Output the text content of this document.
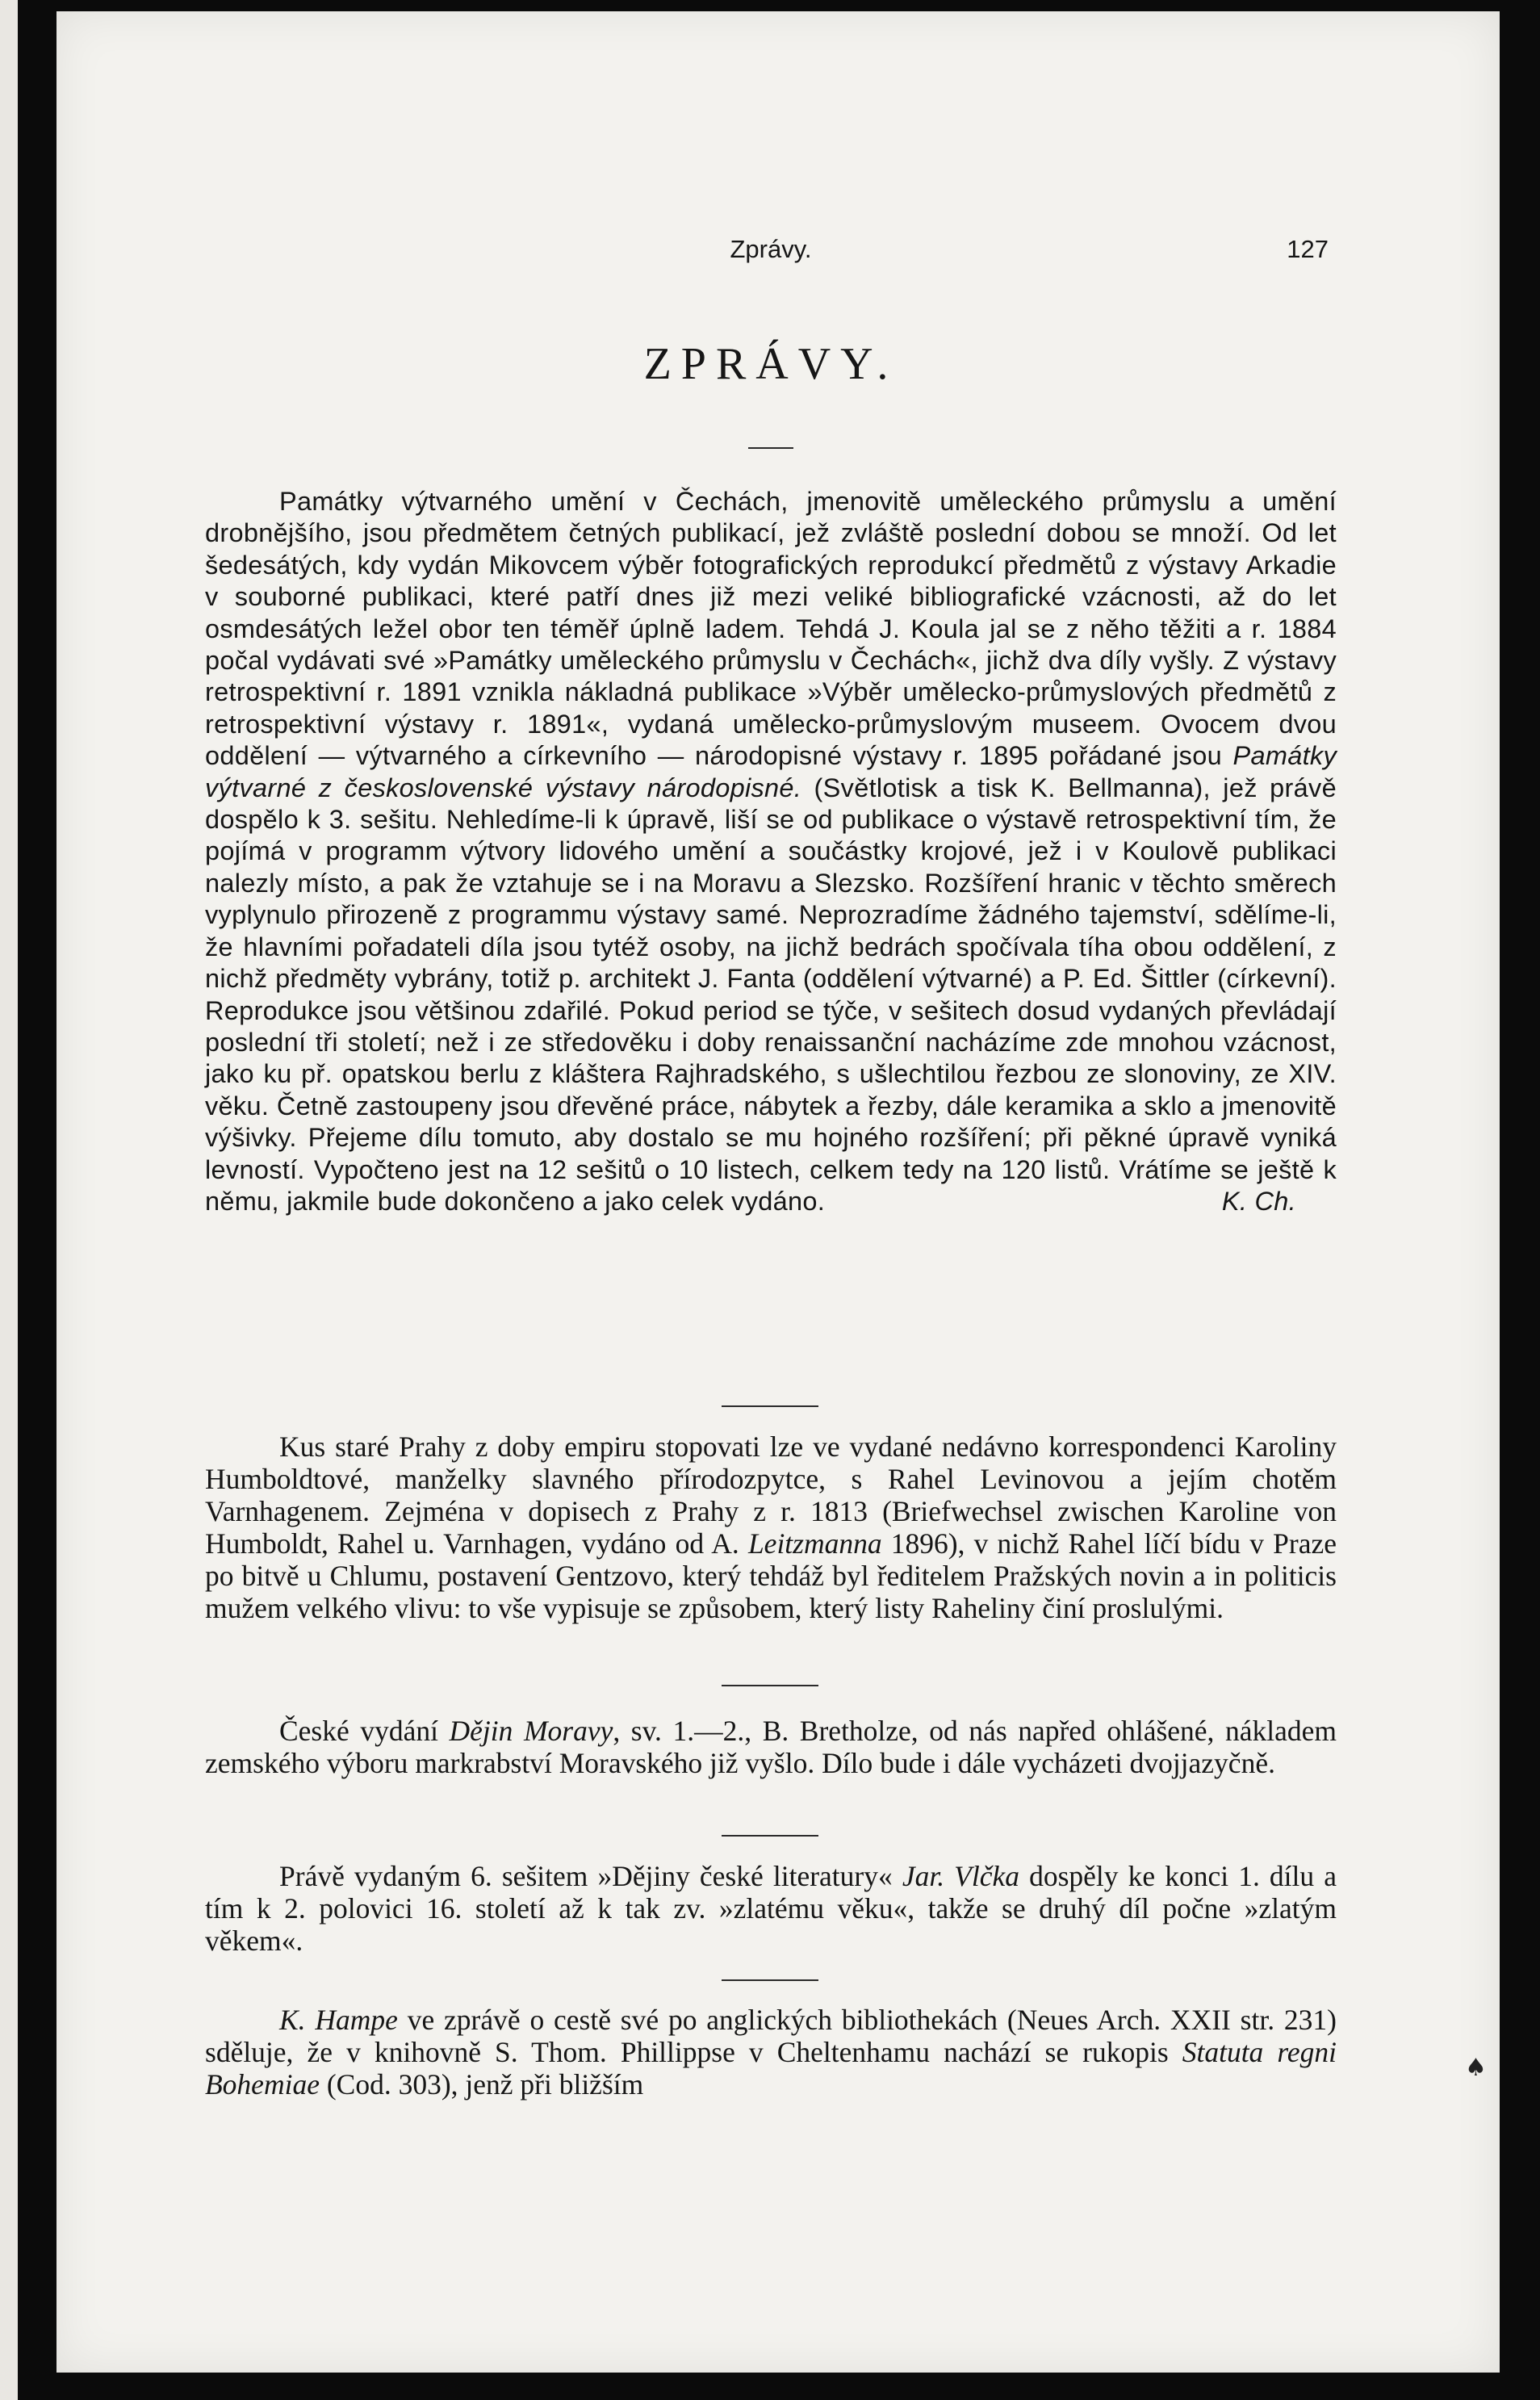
Zprávy.	127
ZPRÁVY.

Památky výtvarného umění v Čechách, jmenovitě uměleckého průmyslu a umění drobnějšího, jsou předmětem četných publikací, jež zvláště poslední dobou se množí. Od let šedesátých, kdy vydán Mikovcem výběr fotografických reprodukcí předmětů z výstavy Arkadie v souborné publikaci, které patří dnes již mezi veliké bibliografické vzácnosti, až do let osmdesátých ležel obor ten téměř úplně ladem. Tehdá J. Koula jal se z něho těžiti a r. 1884 počal vydávati své »Památky uměleckého průmyslu v Čechách«, jichž dva díly vyšly. Z výstavy retrospektivní r. 1891 vznikla nákladná publikace »Výběr umělecko-průmyslových předmětů z retrospektivní výstavy r. 1891«, vydaná umělecko-průmyslovým museem. Ovocem dvou oddělení — výtvarného a církevního — národopisné výstavy r. 1895 pořádané jsou Památky výtvarné z československé výstavy národopisné. (Světlotisk a tisk K. Bellmanna), jež právě dospělo k 3. sešitu. Nehledíme-li k úpravě, liší se od publikace o výstavě retrospektivní tím, že pojímá v programm výtvory lidového umění a součástky krojové, jež i v Koulově publikaci nalezly místo, a pak že vztahuje se i na Moravu a Slezsko. Rozšíření hranic v těchto směrech vyplynulo přirozeně z programmu výstavy samé. Neprozradíme žádného tajemství, sdělíme-li, že hlavními pořadateli díla jsou tytéž osoby, na jichž bedrách spočívala tíha obou oddělení, z nichž předměty vybrány, totiž p. architekt J. Fanta (oddělení výtvarné) a P. Ed. Šittler (církevní). Reprodukce jsou většinou zdařilé. Pokud period se týče, v sešitech dosud vydaných převládají poslední tři století; než i ze středověku i doby renaissanční nacházíme zde mnohou vzácnost, jako ku př. opatskou berlu z kláštera Rajhradského, s ušlechtilou řezbou ze slonoviny, ze XIV. věku. Četně zastoupeny jsou dřevěné práce, nábytek a řezby, dále keramika a sklo a jmenovitě výšivky. Přejeme dílu tomuto, aby dostalo se mu hojného rozšíření; při pěkné úpravě vyniká levností. Vypočteno jest na 12 sešitů o 10 listech, celkem tedy na 120 listů. Vrátíme se ještě k němu, jakmile bude dokončeno a jako celek vydáno.	K. Ch.

Kus staré Prahy z doby empiru stopovati lze ve vydané nedávno korrespondenci Karoliny Humboldtové, manželky slavného přírodozpytce, s Rahel Levinovou a jejím chotěm Varnhagenem. Zejména v dopisech z Prahy z r. 1813 (Briefwechsel zwischen Karoline von Humboldt, Rahel u. Varnhagen, vydáno od A. Leitzmanna 1896), v nichž Rahel líčí bídu v Praze po bitvě u Chlumu, postavení Gentzovo, který tehdáž byl ředitelem Pražských novin a in politicis mužem velkého vlivu: to vše vypisuje se způsobem, který listy Raheliny činí proslulými.

České vydání Dějin Moravy, sv. 1.—2., B. Bretholze, od nás napřed ohlášené, nákladem zemského výboru markrabství Moravského již vyšlo. Dílo bude i dále vycházeti dvojjazyčně.

Právě vydaným 6. sešitem »Dějiny české literatury« Jar. Vlčka dospěly ke konci 1. dílu a tím k 2. polovici 16. století až k tak zv. »zlatému věku«, takže se druhý díl počne »zlatým věkem«.

K. Hampe ve zprávě o cestě své po anglických bibliothekách (Neues Arch. XXII str. 231) sděluje, že v knihovně S. Thom. Phillippse v Cheltenhamu nachází se rukopis Statuta regni Bohemiae (Cod. 303), jenž při bližším

♠
